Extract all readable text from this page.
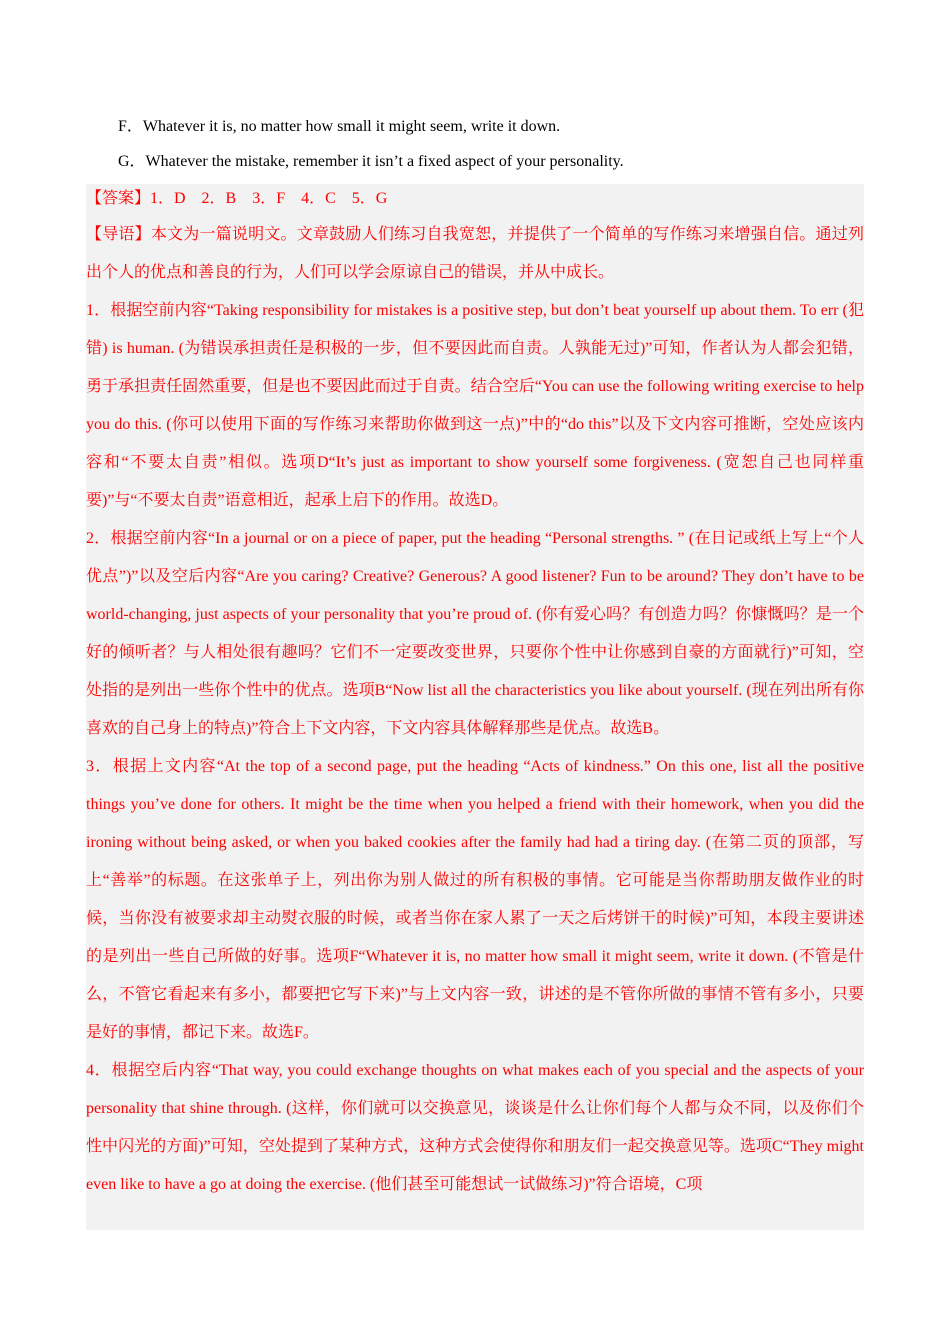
F．Whatever it is, no matter how small it might seem, write it down.
G．Whatever the mistake, remember it isn’t a fixed aspect of your personality.

【答案】1．D　2．B　3．F　4．C　5．G

【导语】本文为一篇说明文。文章鼓励人们练习自我宽恕，并提供了一个简单的写作练习来增强自信。通过列出个人的优点和善良的行为，人们可以学会原谅自己的错误，并从中成长。

1．根据空前内容“Taking responsibility for mistakes is a positive step, but don’t beat yourself up about them. To err (犯错) is human. (为错误承担责任是积极的一步，但不要因此而自责。人孰能无过)”可知，作者认为人都会犯错，勇于承担责任固然重要，但是也不要因此而过于自责。结合空后“You can use the following writing exercise to help you do this. (你可以使用下面的写作练习来帮助你做到这一点)”中的“do this”以及下文内容可推断，空处应该内容和“不要太自责”相似。选项D“It’s just as important to show yourself some forgiveness. (宽恕自己也同样重要)”与“不要太自责”语意相近，起承上启下的作用。故选D。

2．根据空前内容“In a journal or on a piece of paper, put the heading “Personal strengths. ” (在日记或纸上写上“个人优点”)”以及空后内容“Are you caring? Creative? Generous? A good listener? Fun to be around? They don’t have to be world-changing, just aspects of your personality that you’re proud of. (你有爱心吗？有创造力吗？你慷慨吗？是一个好的倾听者？与人相处很有趣吗？它们不一定要改变世界，只要你个性中让你感到自豪的方面就行)”可知，空处指的是列出一些你个性中的优点。选项B“Now list all the characteristics you like about yourself. (现在列出所有你喜欢的自己身上的特点)”符合上下文内容，下文内容具体解释那些是优点。故选B。

3．根据上文内容“At the top of a second page, put the heading “Acts of kindness.” On this one, list all the positive things you’ve done for others. It might be the time when you helped a friend with their homework, when you did the ironing without being asked, or when you baked cookies after the family had had a tiring day. (在第二页的顶部，写上“善举”的标题。在这张单子上，列出你为别人做过的所有积极的事情。它可能是当你帮助朋友做作业的时候，当你没有被要求却主动熨衣服的时候，或者当你在家人累了一天之后烤饼干的时候)”可知，本段主要讲述的是列出一些自己所做的好事。选项F“Whatever it is, no matter how small it might seem, write it down. (不管是什么，不管它看起来有多小，都要把它写下来)”与上文内容一致，讲述的是不管你所做的事情不管有多小，只要是好的事情，都记下来。故选F。

4．根据空后内容“That way, you could exchange thoughts on what makes each of you special and the aspects of your personality that shine through. (这样，你们就可以交换意见，谈谈是什么让你们每个人都与众不同，以及你们个性中闪光的方面)”可知，空处提到了某种方式，这种方式会使得你和朋友们一起交换意见等。选项C“They might even like to have a go at doing the exercise. (他们甚至可能想试一试做练习)”符合语境，C项
